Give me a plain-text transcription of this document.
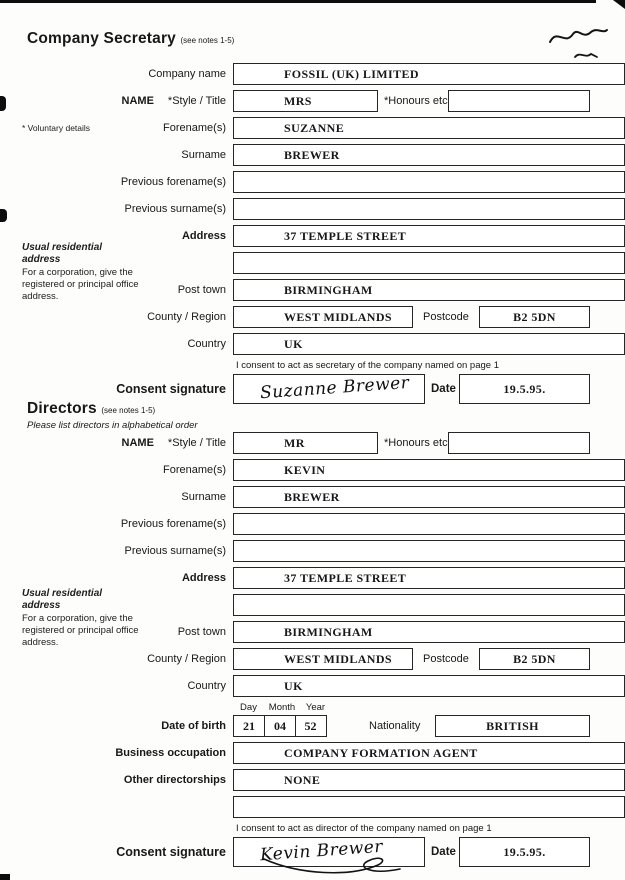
Company Secretary (see notes 1-5)
* Voluntary details
Usual residential address
For a corporation, give the registered or principal office address.
Company name	FOSSIL (UK) LIMITED
NAME *Style / Title	MRS	*Honours etc
Forename(s)	SUZANNE
Surname	BREWER
Previous forename(s)
Previous surname(s)
Address	37 TEMPLE STREET
Post town	BIRMINGHAM
County / Region	WEST MIDLANDS	Postcode	B2 5DN
Country	UK
I consent to act as secretary of the company named on page 1
Consent signature	Suzanne Brewer	Date	19.5.95.
Directors (see notes 1-5)
Please list directors in alphabetical order
Usual residential address
For a corporation, give the registered or principal office address.
NAME *Style / Title	MR	*Honours etc
Forename(s)	KEVIN
Surname	BREWER
Previous forename(s)
Previous surname(s)
Address	37 TEMPLE STREET
Post town	BIRMINGHAM
County / Region	WEST MIDLANDS	Postcode	B2 5DN
Country	UK
Day	Month	Year
Date of birth	21	04	52	Nationality	BRITISH
Business occupation	COMPANY FORMATION AGENT
Other directorships	NONE
I consent to act as director of the company named on page 1
Consent signature	Kevin Brewer	Date	19.5.95.
